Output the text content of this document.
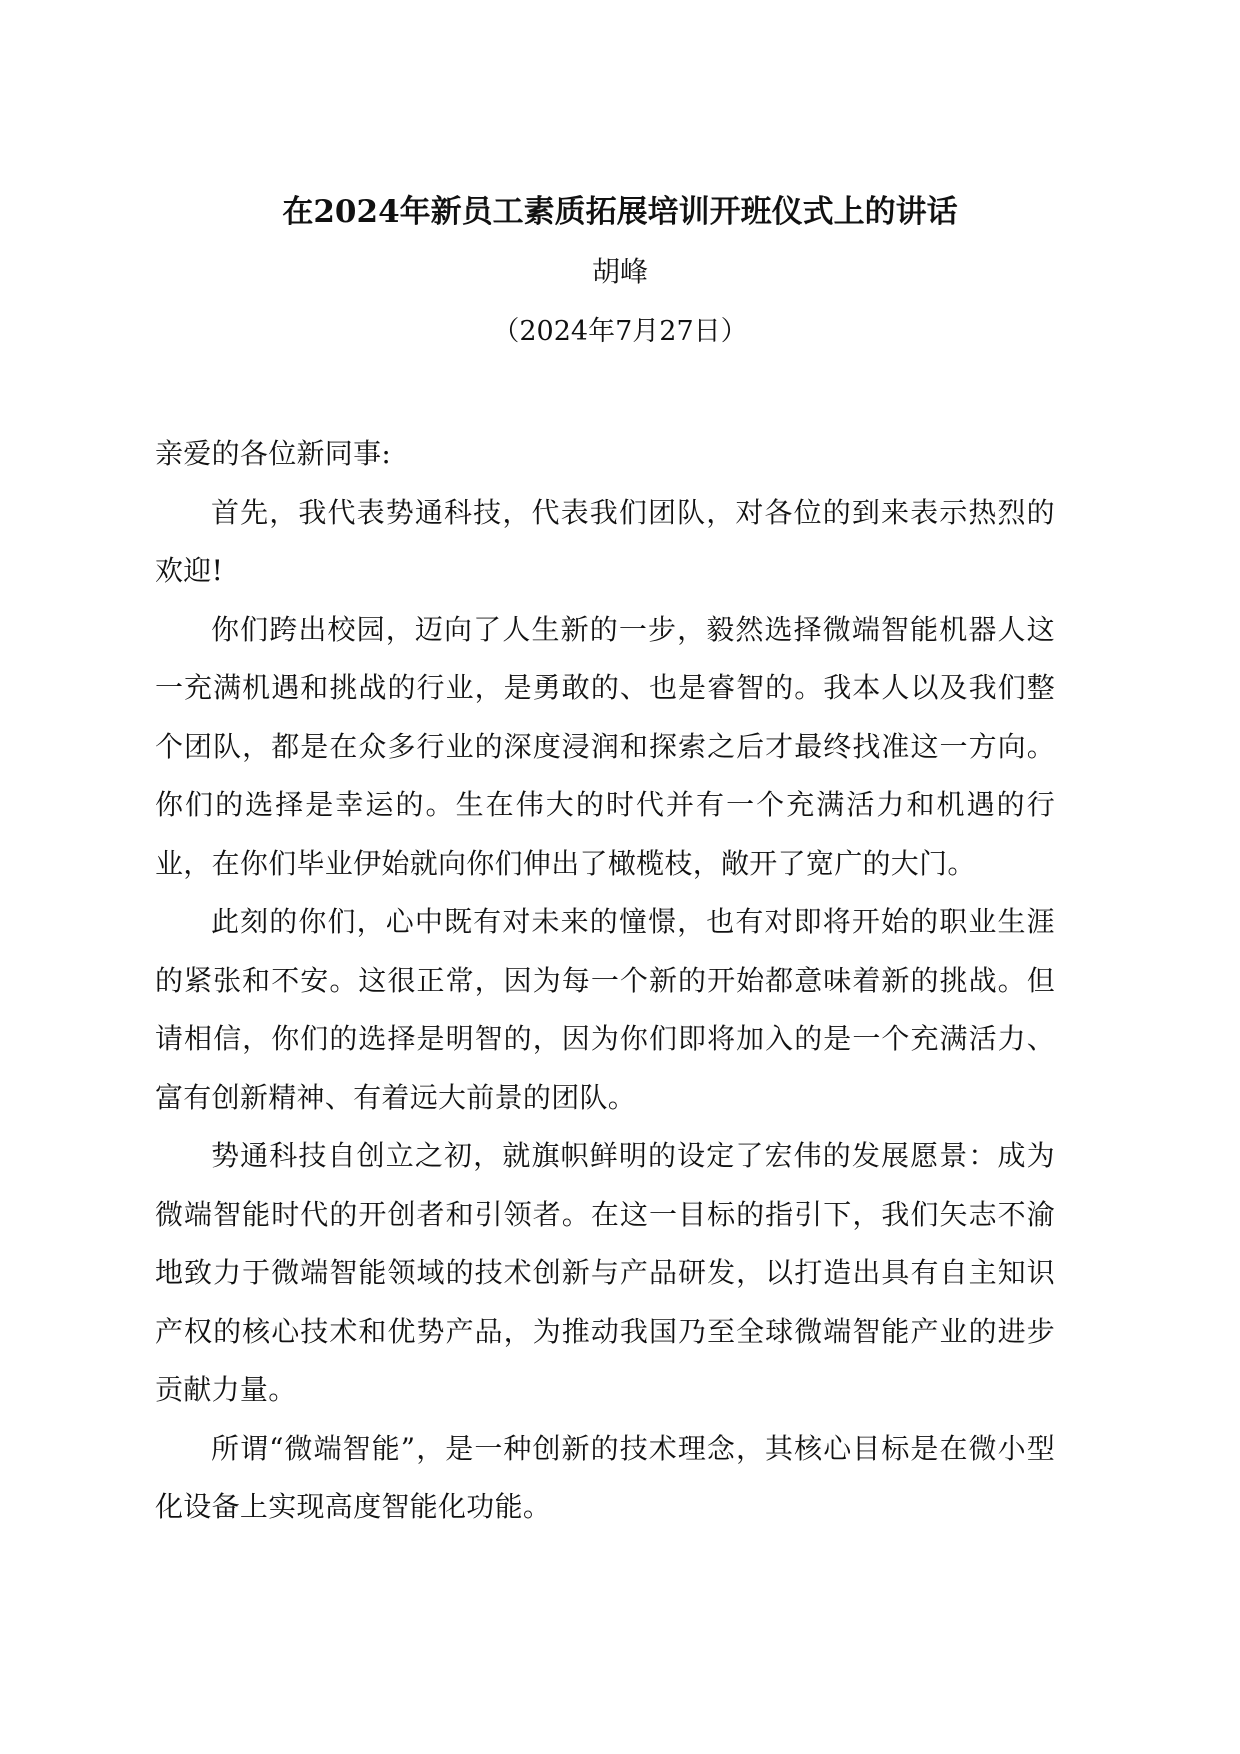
在2024年新员工素质拓展培训开班仪式上的讲话
胡峰
（2024年7月27日）

亲爱的各位新同事:

首先，我代表势通科技，代表我们团队，对各位的到来表示热烈的欢迎!

你们跨出校园，迈向了人生新的一步，毅然选择微端智能机器人这一充满机遇和挑战的行业，是勇敢的、也是睿智的。我本人以及我们整个团队，都是在众多行业的深度浸润和探索之后才最终找准这一方向。你们的选择是幸运的。生在伟大的时代并有一个充满活力和机遇的行业，在你们毕业伊始就向你们伸出了橄榄枝，敞开了宽广的大门。

此刻的你们，心中既有对未来的憧憬，也有对即将开始的职业生涯的紧张和不安。这很正常，因为每一个新的开始都意味着新的挑战。但请相信，你们的选择是明智的，因为你们即将加入的是一个充满活力、富有创新精神、有着远大前景的团队。

势通科技自创立之初，就旗帜鲜明的设定了宏伟的发展愿景：成为微端智能时代的开创者和引领者。在这一目标的指引下，我们矢志不渝地致力于微端智能领域的技术创新与产品研发，以打造出具有自主知识产权的核心技术和优势产品，为推动我国乃至全球微端智能产业的进步贡献力量。

所谓“微端智能”，是一种创新的技术理念，其核心目标是在微小型化设备上实现高度智能化功能。
